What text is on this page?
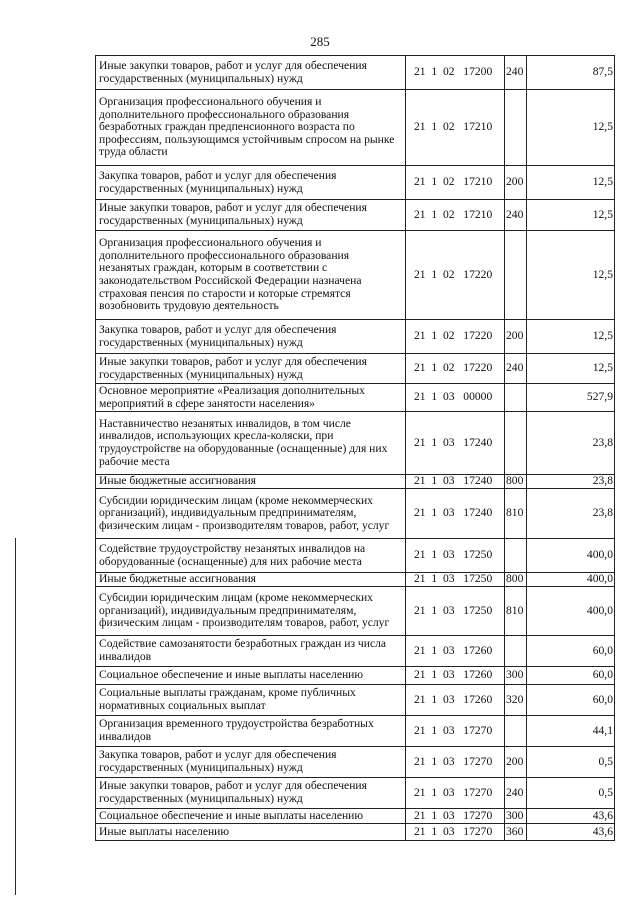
285
Иные закупки товаров, работ и услуг для обеспечения государственных (муниципальных) нужд	21  1  02   17200	240	87,5
Организация профессионального обучения и дополнительного профессионального образования безработных граждан предпенсионного возраста по профессиям, пользующимся устойчивым спросом на рынке труда области	21  1  02   17210		12,5
Закупка товаров, работ и услуг для обеспечения государственных (муниципальных) нужд	21  1  02   17210	200	12,5
Иные закупки товаров, работ и услуг для обеспечения государственных (муниципальных) нужд	21  1  02   17210	240	12,5
Организация профессионального обучения и дополнительного профессионального образования незанятых граждан, которым в соответствии с законодательством Российской Федерации назначена страховая пенсия по старости и которые стремятся возобновить трудовую деятельность	21  1  02   17220		12,5
Закупка товаров, работ и услуг для обеспечения государственных (муниципальных) нужд	21  1  02   17220	200	12,5
Иные закупки товаров, работ и услуг для обеспечения государственных (муниципальных) нужд	21  1  02   17220	240	12,5
Основное мероприятие «Реализация дополнительных мероприятий в сфере занятости населения»	21  1  03   00000		527,9
Наставничество незанятых инвалидов, в том числе инвалидов, использующих кресла-коляски, при трудоустройстве на оборудованные (оснащенные) для них рабочие места	21  1  03   17240		23,8
Иные бюджетные ассигнования	21  1  03   17240	800	23,8
Субсидии юридическим лицам (кроме некоммерческих организаций), индивидуальным предпринимателям, физическим лицам - производителям товаров, работ, услуг	21  1  03   17240	810	23,8
Содействие трудоустройству незанятых инвалидов на оборудованные (оснащенные) для них рабочие места	21  1  03   17250		400,0
Иные бюджетные ассигнования	21  1  03   17250	800	400,0
Субсидии юридическим лицам (кроме некоммерческих организаций), индивидуальным предпринимателям, физическим лицам - производителям товаров, работ, услуг	21  1  03   17250	810	400,0
Содействие самозанятости безработных граждан из числа инвалидов	21  1  03   17260		60,0
Социальное обеспечение и иные выплаты населению	21  1  03   17260	300	60,0
Социальные выплаты гражданам, кроме публичных нормативных социальных выплат	21  1  03   17260	320	60,0
Организация временного трудоустройства безработных инвалидов	21  1  03   17270		44,1
Закупка товаров, работ и услуг для обеспечения государственных (муниципальных) нужд	21  1  03   17270	200	0,5
Иные закупки товаров, работ и услуг для обеспечения государственных (муниципальных) нужд	21  1  03   17270	240	0,5
Социальное обеспечение и иные выплаты населению	21  1  03   17270	300	43,6
Иные выплаты населению	21  1  03   17270	360	43,6
